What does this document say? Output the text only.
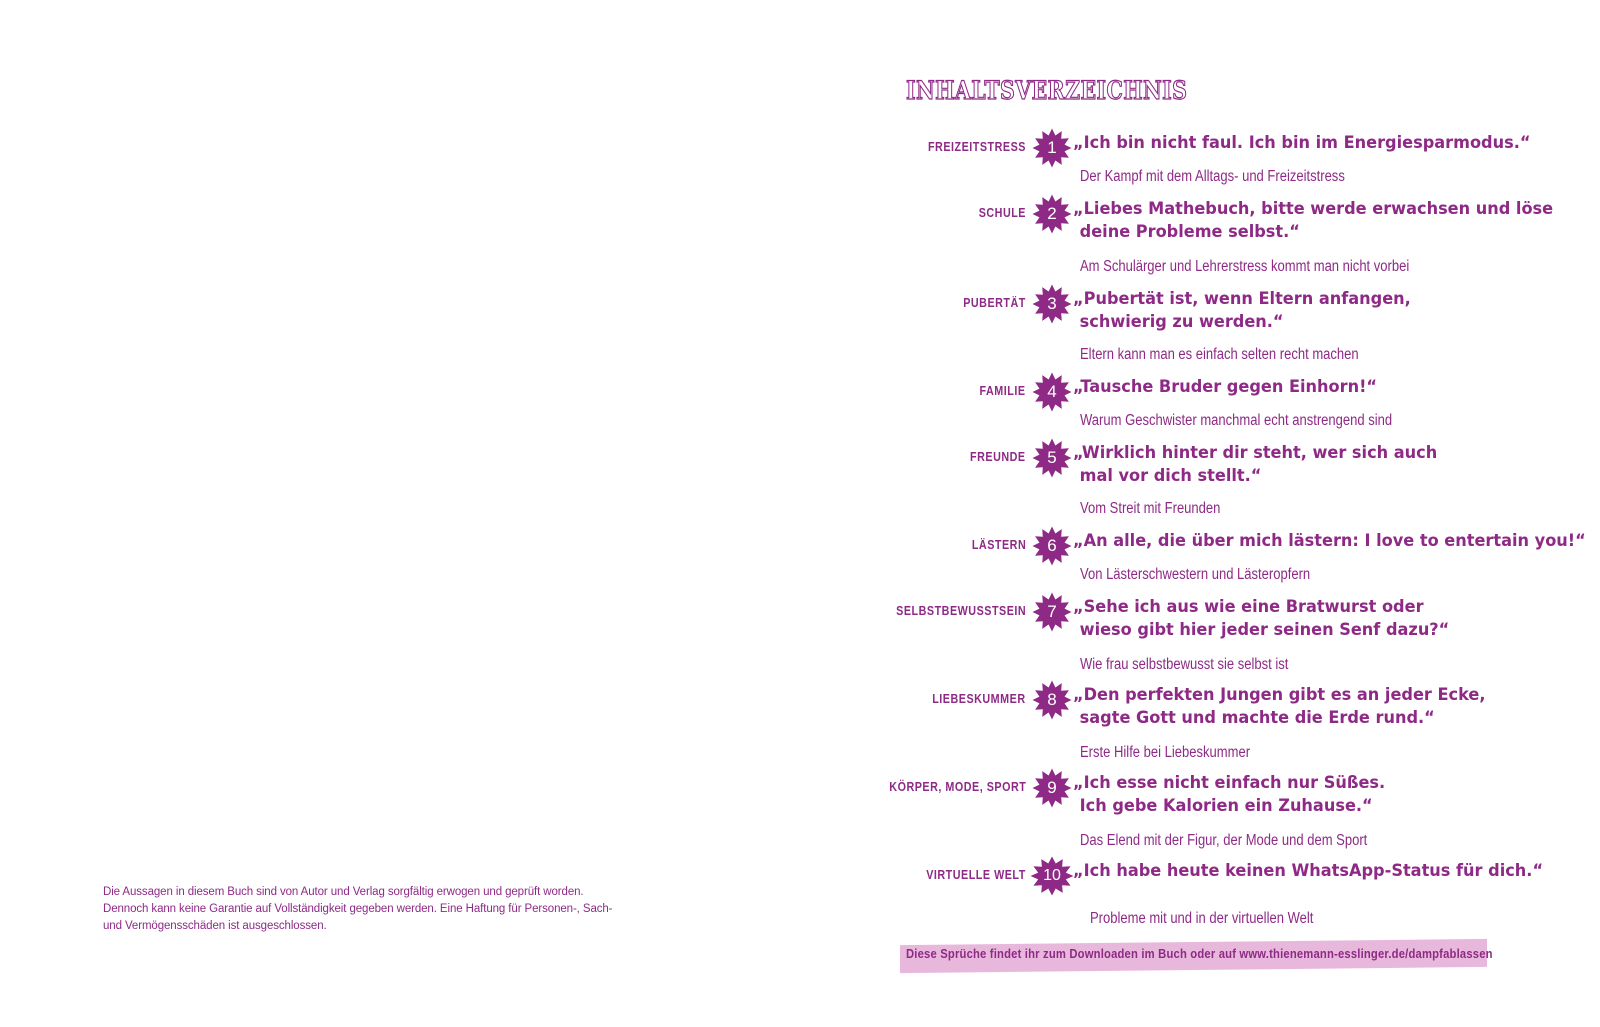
Die Aussagen in diesem Buch sind von Autor und Verlag sorgfältig erwogen und geprüft worden.
Dennoch kann keine Garantie auf Vollständigkeit gegeben werden. Eine Haftung für Personen-, Sach-
und Vermögensschäden ist ausgeschlossen.
INHALTSVERZEICHNIS
FREIZEITSTRESS	1 „Ich bin nicht faul. Ich bin im Energiesparmodus.“
Der Kampf mit dem Alltags- und Freizeitstress
SCHULE	2 „Liebes Mathebuch, bitte werde erwachsen und löse
deine Probleme selbst.“
Am Schulärger und Lehrerstress kommt man nicht vorbei
PUBERTÄT	3 „Pubertät ist, wenn Eltern anfangen,
schwierig zu werden.“
Eltern kann man es einfach selten recht machen
FAMILIE	4 „Tausche Bruder gegen Einhorn!“
Warum Geschwister manchmal echt anstrengend sind
FREUNDE	5 „Wirklich hinter dir steht, wer sich auch
mal vor dich stellt.“
Vom Streit mit Freunden
LÄSTERN	6 „An alle, die über mich lästern: I love to entertain you!“
Von Lästerschwestern und Lästeropfern
SELBSTBEWUSSTSEIN	7 „Sehe ich aus wie eine Bratwurst oder
wieso gibt hier jeder seinen Senf dazu?“
Wie frau selbstbewusst sie selbst ist
LIEBESKUMMER	8 „Den perfekten Jungen gibt es an jeder Ecke,
sagte Gott und machte die Erde rund.“
Erste Hilfe bei Liebeskummer
KÖRPER, MODE, SPORT	9 „Ich esse nicht einfach nur Süßes.
Ich gebe Kalorien ein Zuhause.“
Das Elend mit der Figur, der Mode und dem Sport
VIRTUELLE WELT	10 „Ich habe heute keinen WhatsApp-Status für dich.“
Probleme mit und in der virtuellen Welt
Diese Sprüche findet ihr zum Downloaden im Buch oder auf www.thienemann-esslinger.de/dampfablassen
